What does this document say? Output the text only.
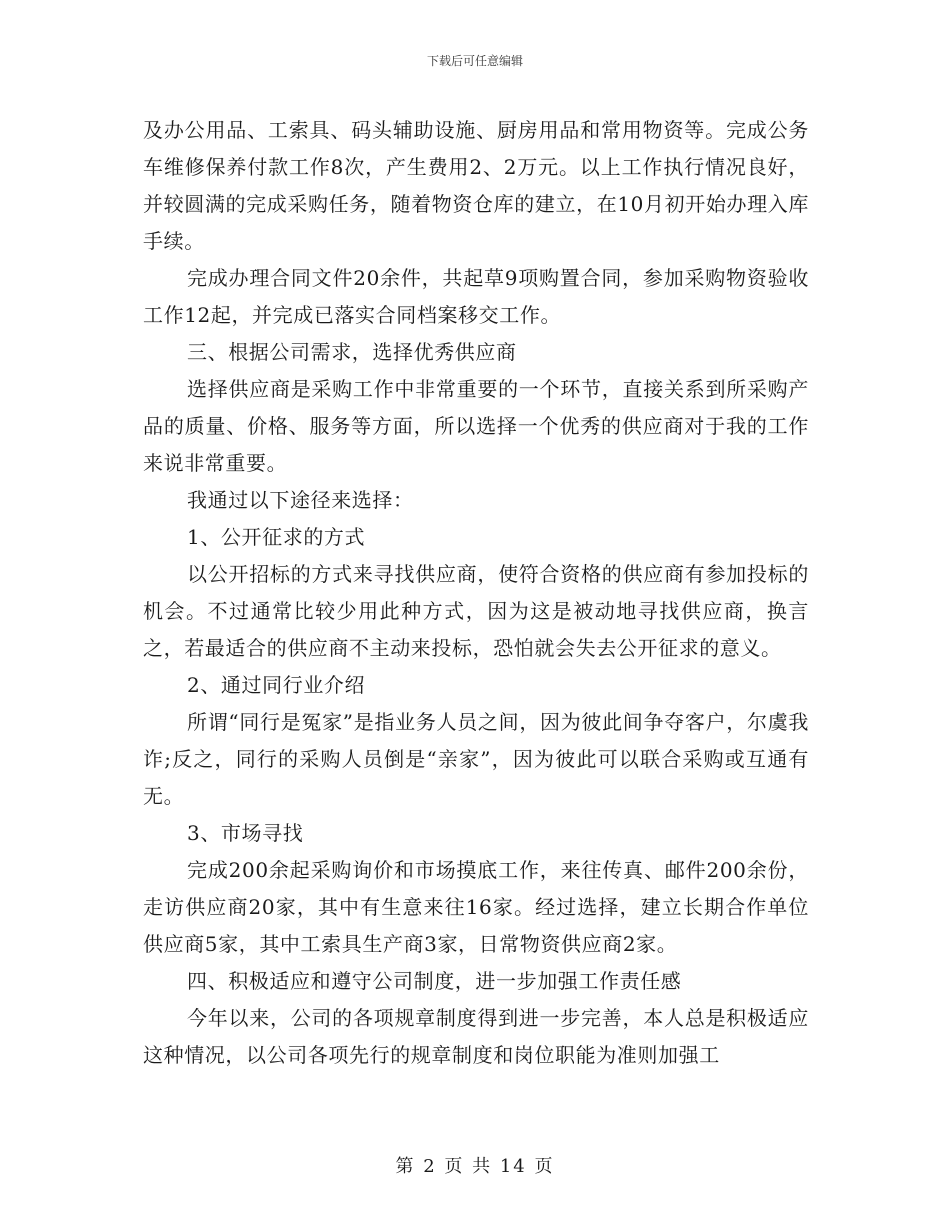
下载后可任意编辑

及办公用品、工索具、码头辅助设施、厨房用品和常用物资等。完成公务车维修保养付款工作8次，产生费用2、2万元。以上工作执行情况良好，并较圆满的完成采购任务，随着物资仓库的建立，在10月初开始办理入库手续。

完成办理合同文件20余件，共起草9项购置合同，参加采购物资验收工作12起，并完成已落实合同档案移交工作。

三、根据公司需求，选择优秀供应商

选择供应商是采购工作中非常重要的一个环节，直接关系到所采购产品的质量、价格、服务等方面，所以选择一个优秀的供应商对于我的工作来说非常重要。

我通过以下途径来选择：

1、公开征求的方式

以公开招标的方式来寻找供应商，使符合资格的供应商有参加投标的机会。不过通常比较少用此种方式，因为这是被动地寻找供应商，换言之，若最适合的供应商不主动来投标，恐怕就会失去公开征求的意义。

2、通过同行业介绍

所谓“同行是冤家”是指业务人员之间，因为彼此间争夺客户，尔虞我诈;反之，同行的采购人员倒是“亲家”，因为彼此可以联合采购或互通有无。

3、市场寻找

完成200余起采购询价和市场摸底工作，来往传真、邮件200余份，走访供应商20家，其中有生意来往16家。经过选择，建立长期合作单位供应商5家，其中工索具生产商3家，日常物资供应商2家。

四、积极适应和遵守公司制度，进一步加强工作责任感

今年以来，公司的各项规章制度得到进一步完善，本人总是积极适应这种情况，以公司各项先行的规章制度和岗位职能为准则加强工

第 2 页 共 14 页
